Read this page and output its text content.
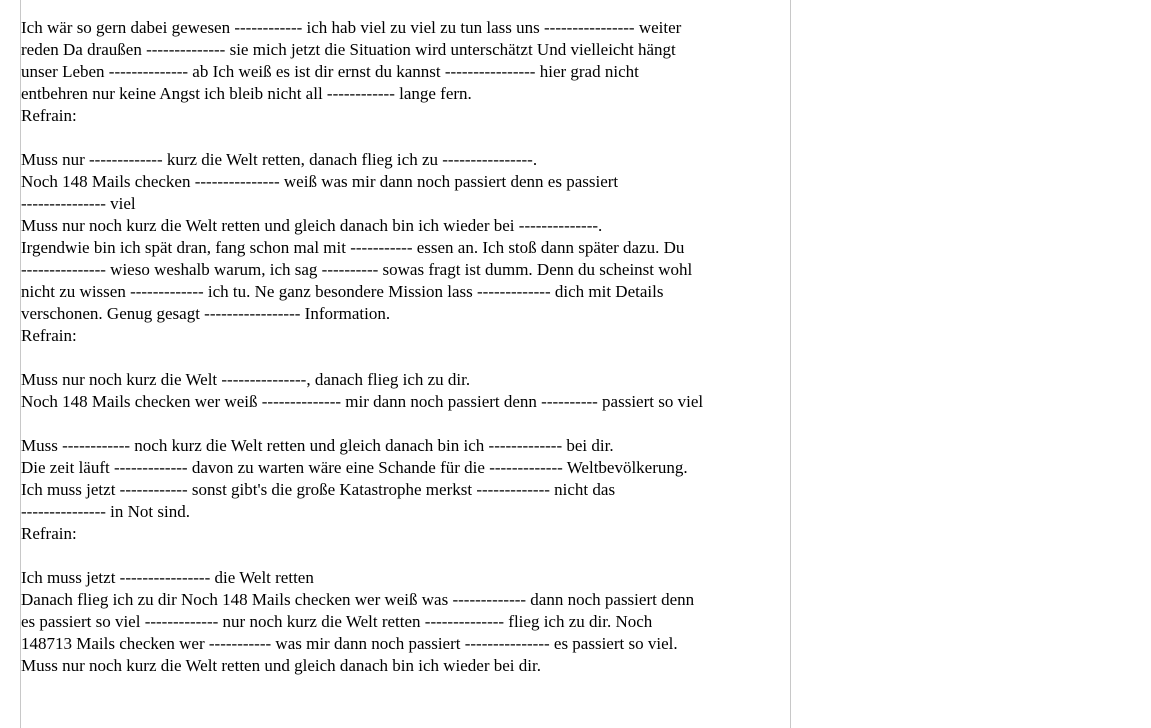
Ich wär so gern dabei gewesen ------------ ich hab viel zu viel zu tun lass uns ---------------- weiter

reden Da draußen -------------- sie mich jetzt die Situation wird unterschätzt Und vielleicht hängt

unser Leben -------------- ab Ich weiß es ist dir ernst du kannst ---------------- hier grad nicht

entbehren nur keine Angst ich bleib nicht all ------------ lange fern.

Refrain:

Muss nur ------------- kurz die Welt retten, danach flieg ich zu ----------------.

Noch 148 Mails checken --------------- weiß was mir dann noch passiert denn es passiert

--------------- viel

Muss nur noch kurz die Welt retten und gleich danach bin ich wieder bei --------------.

Irgendwie bin ich spät dran, fang schon mal mit ----------- essen an. Ich stoß dann später dazu. Du

--------------- wieso weshalb warum, ich sag ---------- sowas fragt ist dumm. Denn du scheinst wohl

nicht zu wissen ------------- ich tu. Ne ganz besondere Mission lass ------------- dich mit Details

verschonen. Genug gesagt ----------------- Information.

Refrain:

Muss nur noch kurz die Welt ---------------, danach flieg ich zu dir.

Noch 148 Mails checken wer weiß -------------- mir dann noch passiert denn ---------- passiert so viel

Muss ------------ noch kurz die Welt retten und gleich danach bin ich ------------- bei dir.

Die zeit läuft ------------- davon zu warten wäre eine Schande für die ------------- Weltbevölkerung.

Ich muss jetzt ------------ sonst gibt's die große Katastrophe merkst ------------- nicht das

--------------- in Not sind.

Refrain:

Ich muss jetzt ---------------- die Welt retten

Danach flieg ich zu dir Noch 148 Mails checken wer weiß was ------------- dann noch passiert denn

es passiert so viel ------------- nur noch kurz die Welt retten -------------- flieg ich zu dir. Noch

148713 Mails checken wer ----------- was mir dann noch passiert --------------- es passiert so viel.

Muss nur noch kurz die Welt retten und gleich danach bin ich wieder bei dir.
